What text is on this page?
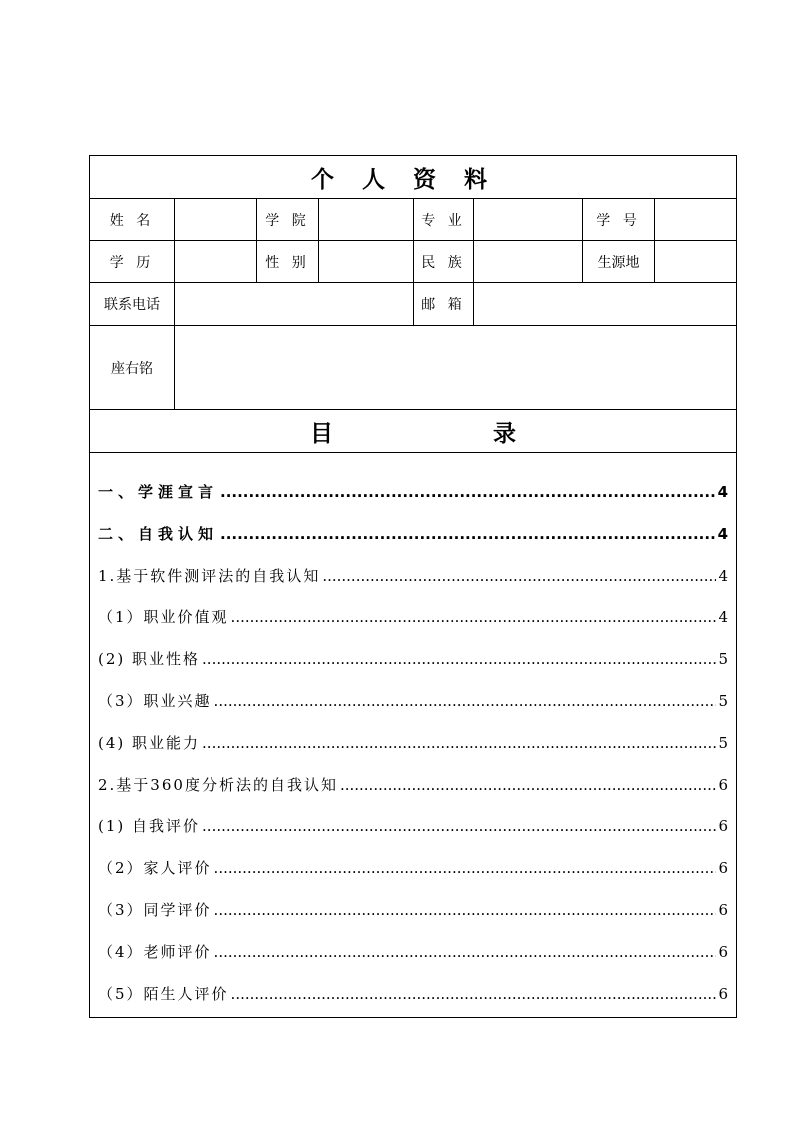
个人资料
姓 名	学 院	专 业	学 号
学 历	性 别	民 族	生源地
联系电话	邮 箱
座右铭
目	录
一、学涯宣言 .....	4
二、自我认知 .....	4
1.基于软件测评法的自我认知 .....	4
（1）职业价值观 .....	4
(2) 职业性格 .....	5
（3）职业兴趣 .....	5
(4) 职业能力 .....	5
2.基于360度分析法的自我认知 .....	6
(1) 自我评价 .....	6
（2）家人评价 .....	6
（3）同学评价 .....	6
（4）老师评价 .....	6
（5）陌生人评价 .....	6
